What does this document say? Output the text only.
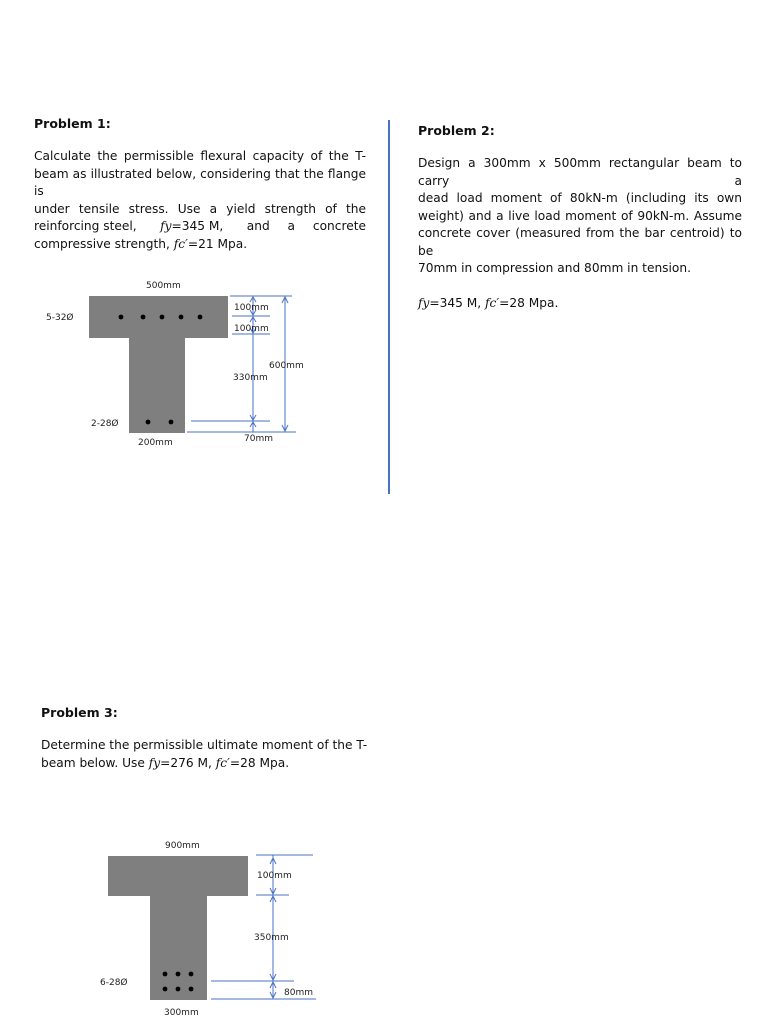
Problem 1:

Calculate the permissible flexural capacity of the T-

beam as illustrated below, considering that the flange is

under tensile stress. Use a yield strength of the

reinforcing steel, fy=345 M, and a concrete

compressive strength, fc′=21 Mpa.

Problem 2:

Design a 300mm x 500mm rectangular beam to carry a

dead load moment of 80kN-m (including its own

weight) and a live load moment of 90kN-m. Assume

concrete cover (measured from the bar centroid) to be

70mm in compression and 80mm in tension.

fy=345 M, fc′=28 Mpa.

500mm
5-32Ø
100mm
100mm
600mm
330mm
2-28Ø
200mm	70mm

Problem 3:

Determine the permissible ultimate moment of the T-

beam below. Use fy=276 M, fc′=28 Mpa.

900mm
100mm
350mm
6-28Ø
80mm
300mm
